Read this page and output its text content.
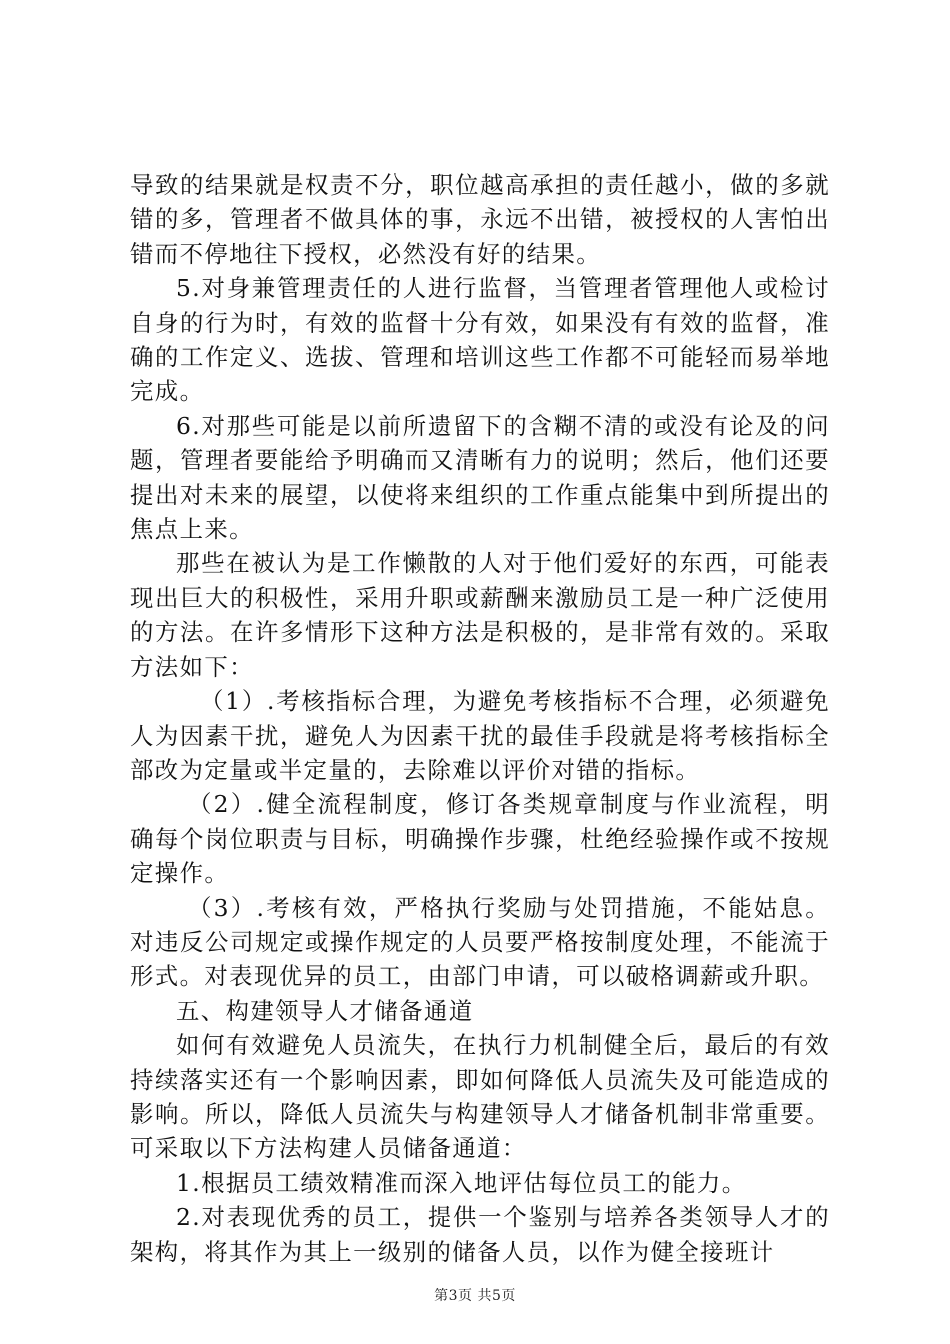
导致的结果就是权责不分，职位越高承担的责任越小，做的多就错的多，管理者不做具体的事，永远不出错，被授权的人害怕出错而不停地往下授权，必然没有好的结果。

5.对身兼管理责任的人进行监督，当管理者管理他人或检讨自身的行为时，有效的监督十分有效，如果没有有效的监督，准确的工作定义、选拔、管理和培训这些工作都不可能轻而易举地完成。

6.对那些可能是以前所遗留下的含糊不清的或没有论及的问题，管理者要能给予明确而又清晰有力的说明；然后，他们还要提出对未来的展望，以使将来组织的工作重点能集中到所提出的焦点上来。

那些在被认为是工作懒散的人对于他们爱好的东西，可能表现出巨大的积极性，采用升职或薪酬来激励员工是一种广泛使用的方法。在许多情形下这种方法是积极的，是非常有效的。采取方法如下：

（1）.考核指标合理，为避免考核指标不合理，必须避免人为因素干扰，避免人为因素干扰的最佳手段就是将考核指标全部改为定量或半定量的，去除难以评价对错的指标。

（2）.健全流程制度，修订各类规章制度与作业流程，明确每个岗位职责与目标，明确操作步骤，杜绝经验操作或不按规定操作。

（3）.考核有效，严格执行奖励与处罚措施，不能姑息。对违反公司规定或操作规定的人员要严格按制度处理，不能流于形式。对表现优异的员工，由部门申请，可以破格调薪或升职。

五、构建领导人才储备通道

如何有效避免人员流失，在执行力机制健全后，最后的有效持续落实还有一个影响因素，即如何降低人员流失及可能造成的影响。所以，降低人员流失与构建领导人才储备机制非常重要。可采取以下方法构建人员储备通道：

1.根据员工绩效精准而深入地评估每位员工的能力。

2.对表现优秀的员工，提供一个鉴别与培养各类领导人才的架构，将其作为其上一级别的储备人员，以作为健全接班计

第3页 共5页
